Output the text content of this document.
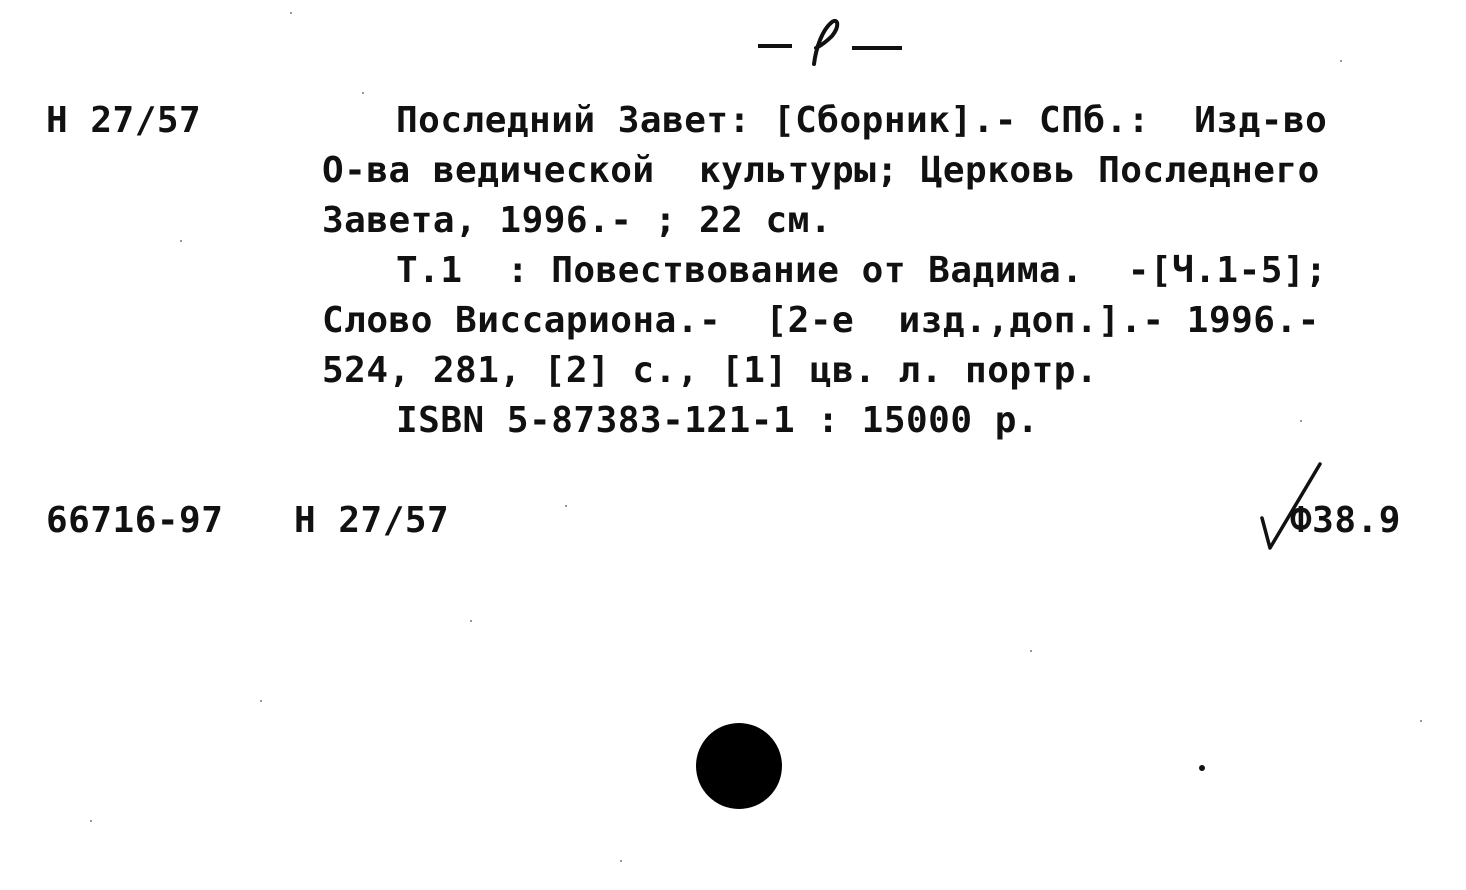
Н 27/57	Последний Завет: [Сборник].- СПб.:  Изд-во
О-ва ведической  культуры; Церковь Последнего
Завета, 1996.- ; 22 см.
Т.1  : Повествование от Вадима.  -[Ч.1-5];
Слово Виссариона.-  [2-е  изд.,доп.].- 1996.-
524, 281, [2] с., [1] цв. л. портр.
ISBN 5-87383-121-1 : 15000 р.
66716-97 Н 27/57	Ф38.9
